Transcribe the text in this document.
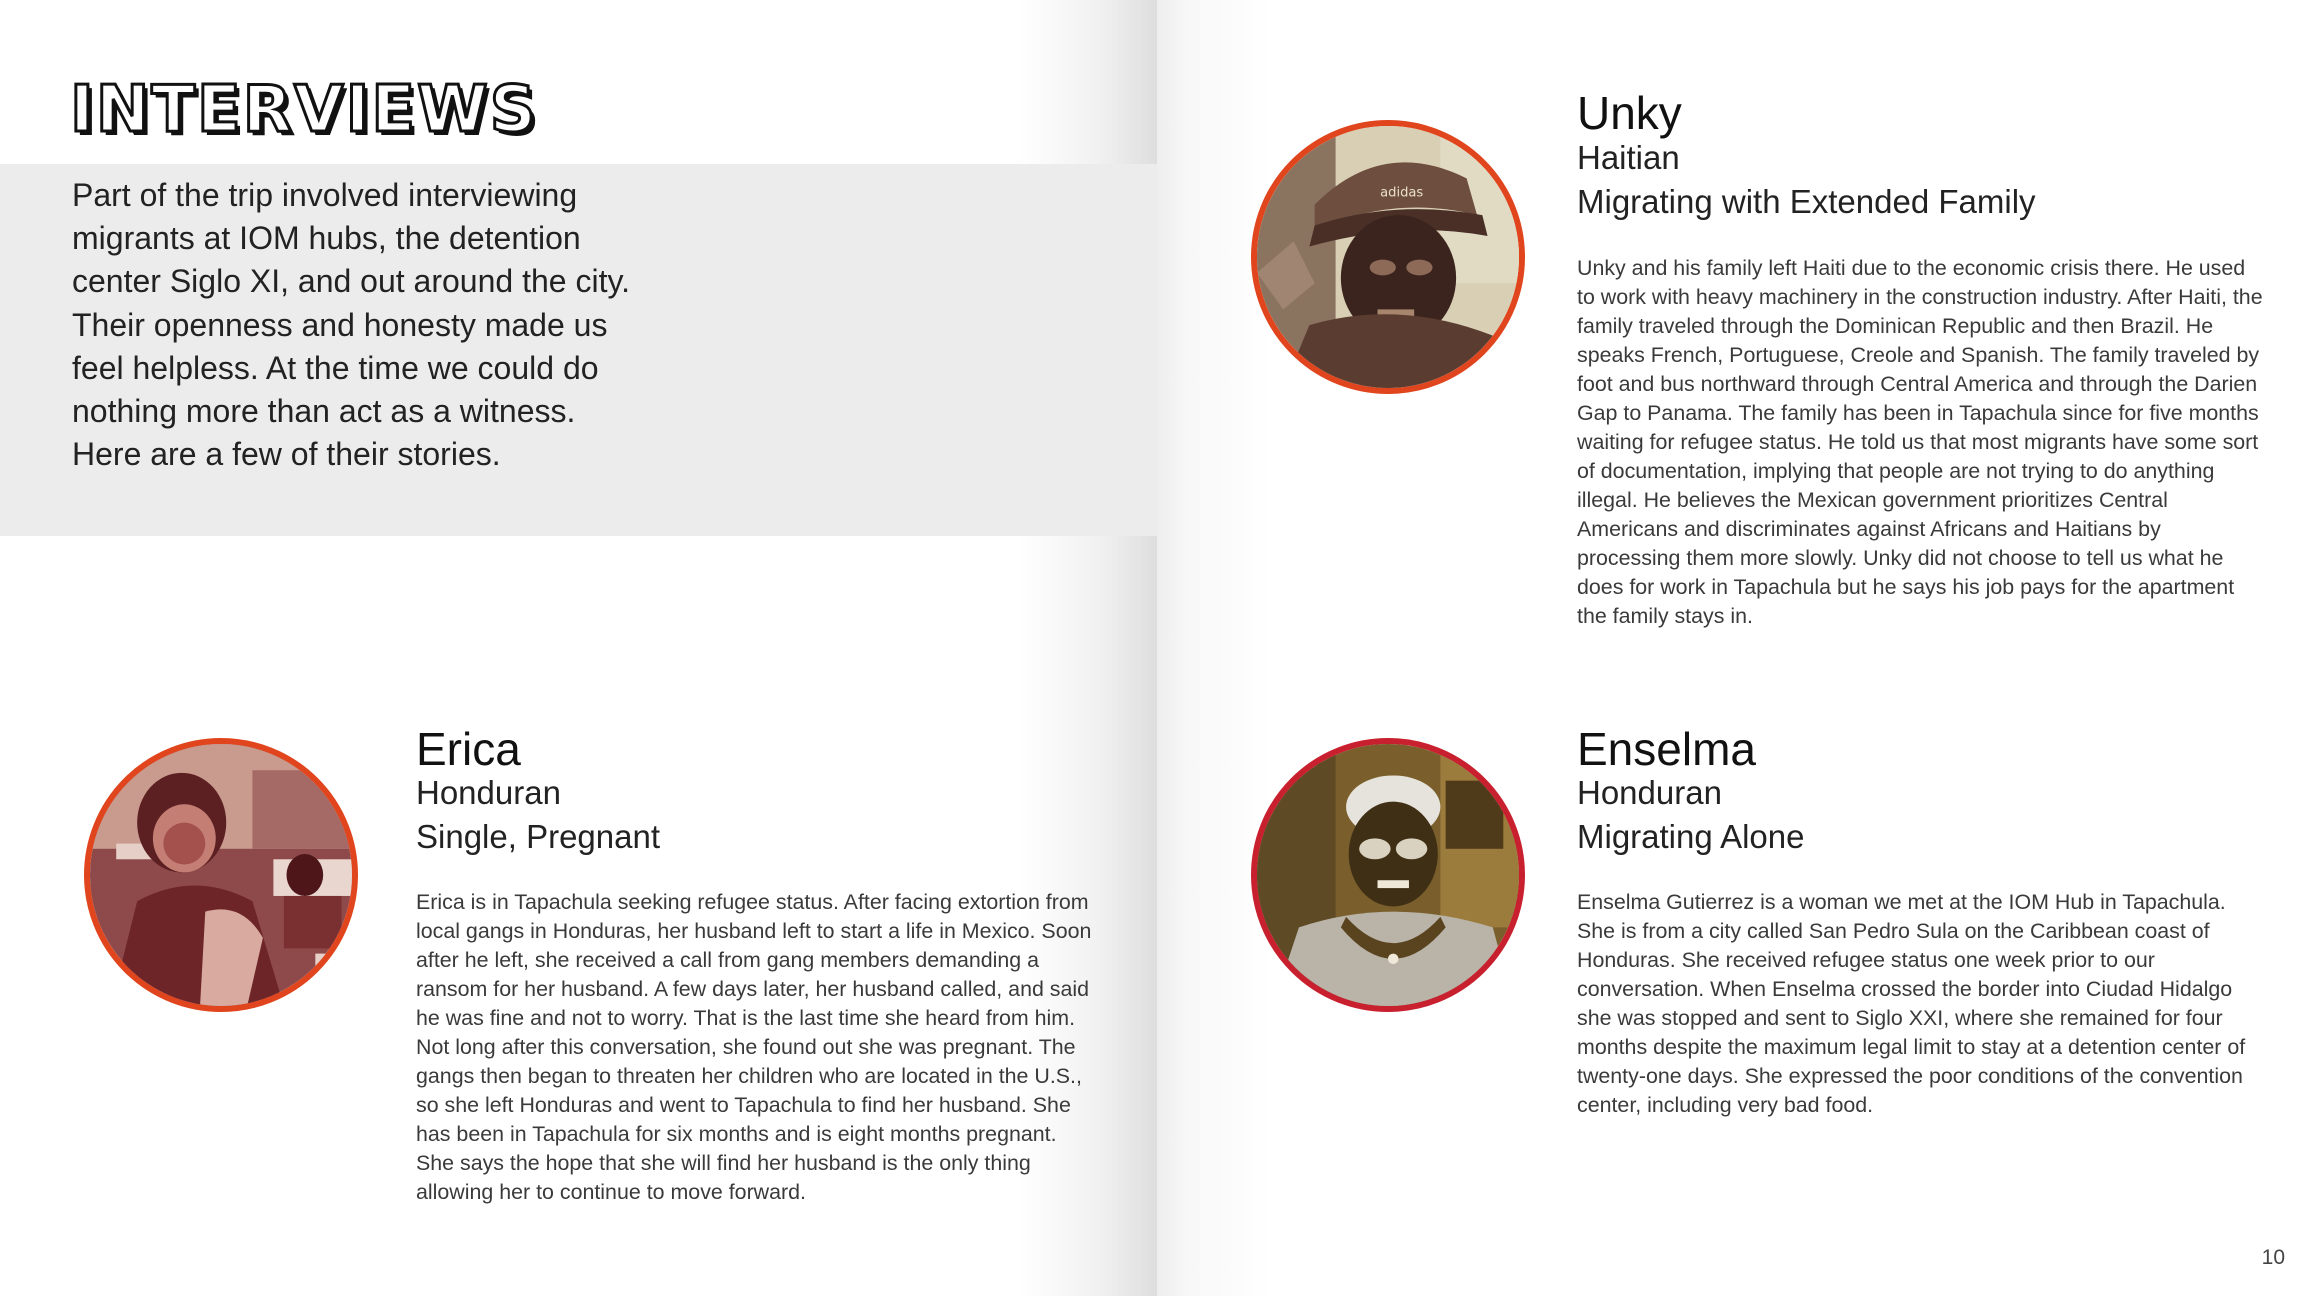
INTERVIEWS

Part of the trip involved interviewing migrants at IOM hubs, the detention center Siglo XI, and out around the city. Their openness and honesty made us feel helpless. At the time we could do nothing more than act as a witness. Here are a few of their stories.

Erica
Honduran
Single, Pregnant

Erica is in Tapachula seeking refugee status. After facing extortion from local gangs in Honduras, her husband left to start a life in Mexico. Soon after he left, she received a call from gang members demanding a ransom for her husband. A few days later, her husband called, and said he was fine and not to worry. That is the last time she heard from him. Not long after this conversation, she found out she was pregnant. The gangs then began to threaten her children who are located in the U.S., so she left Honduras and went to Tapachula to find her husband. She has been in Tapachula for six months and is eight months pregnant. She says the hope that she will find her husband is the only thing allowing her to continue to move forward.

adidas
Unky
Haitian
Migrating with Extended Family

Unky and his family left Haiti due to the economic crisis there. He used to work with heavy machinery in the construction industry. After Haiti, the family traveled through the Dominican Republic and then Brazil. He speaks French, Portuguese, Creole and Spanish. The family traveled by foot and bus northward through Central America and through the Darien Gap to Panama. The family has been in Tapachula since for five months waiting for refugee status. He told us that most migrants have some sort of documentation, implying that people are not trying to do anything illegal. He believes the Mexican government prioritizes Central Americans and discriminates against Africans and Haitians by processing them more slowly. Unky did not choose to tell us what he does for work in Tapachula but he says his job pays for the apartment the family stays in.

Enselma
Honduran
Migrating Alone

Enselma Gutierrez is a woman we met at the IOM Hub in Tapachula. She is from a city called San Pedro Sula on the Caribbean coast of Honduras. She received refugee status one week prior to our conversation. When Enselma crossed the border into Ciudad Hidalgo she was stopped and sent to Siglo XXI, where she remained for four months despite the maximum legal limit to stay at a detention center of twenty-one days. She expressed the poor conditions of the convention center, including very bad food.

10
